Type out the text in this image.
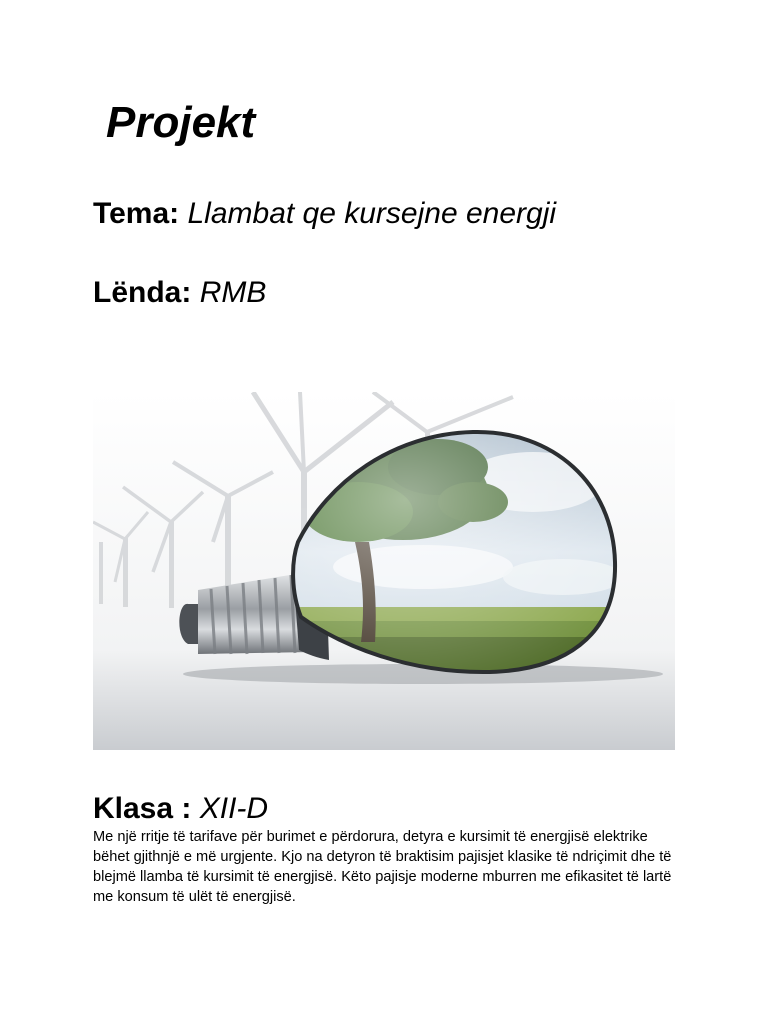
Projekt
Tema: Llambat qe kursejne energji
Lënda: RMB
Klasa : XII-D

Me një rritje të tarifave për burimet e përdorura, detyra e kursimit të energjisë elektrike bëhet gjithnjë e më urgjente. Kjo na detyron të braktisim pajisjet klasike të ndriçimit dhe të blejmë llamba të kursimit të energjisë. Këto pajisje moderne mburren me efikasitet të lartë me konsum të ulët të energjisë.
